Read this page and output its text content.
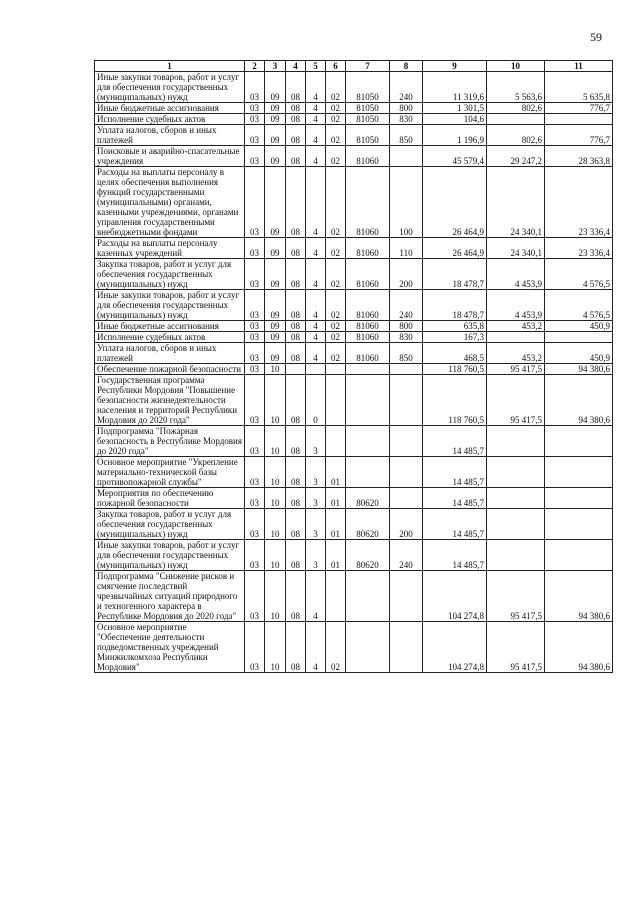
59
1	2	3	4	5	6	7	8	9	10	11
Иные закупки товаров, работ и услуг для обеспечения государственных (муниципальных) нужд	03	09	08	4	02	81050	240	11 319,6	5 563,6	5 635,8
Иные бюджетные ассигнования	03	09	08	4	02	81050	800	1 301,5	802,6	776,7
Исполнение судебных актов	03	09	08	4	02	81050	830	104,6		
Уплата налогов, сборов и иных платежей	03	09	08	4	02	81050	850	1 196,9	802,6	776,7
Поисковые и аварийно-спасательные учреждения	03	09	08	4	02	81060		45 579,4	29 247,2	28 363,8
Расходы на выплаты персоналу в целях обеспечения выполнения функций государственными (муниципальными) органами, казенными учреждениями, органами управления государственными внебюджетными фондами	03	09	08	4	02	81060	100	26 464,9	24 340,1	23 336,4
Расходы на выплаты персоналу казенных учреждений	03	09	08	4	02	81060	110	26 464,9	24 340,1	23 336,4
Закупка товаров, работ и услуг для обеспечения государственных (муниципальных) нужд	03	09	08	4	02	81060	200	18 478,7	4 453,9	4 576,5
Иные закупки товаров, работ и услуг для обеспечения государственных (муниципальных) нужд	03	09	08	4	02	81060	240	18 478,7	4 453,9	4 576,5
Иные бюджетные ассигнования	03	09	08	4	02	81060	800	635,8	453,2	450,9
Исполнение судебных актов	03	09	08	4	02	81060	830	167,3		
Уплата налогов, сборов и иных платежей	03	09	08	4	02	81060	850	468,5	453,2	450,9
Обеспечение пожарной безопасности	03	10						118 760,5	95 417,5	94 380,6
Государственная программа Республики Мордовия "Повышение безопасности жизнедеятельности населения и территорий Республики Мордовия до 2020 года"	03	10	08	0				118 760,5	95 417,5	94 380,6
Подпрограмма "Пожарная безопасность в Республике Мордовия до 2020 года"	03	10	08	3				14 485,7		
Основное мероприятие "Укрепление материально-технической базы противопожарной службы"	03	10	08	3	01			14 485,7		
Мероприятия по обеспечению пожарной безопасности	03	10	08	3	01	80620		14 485,7		
Закупка товаров, работ и услуг для обеспечения государственных (муниципальных) нужд	03	10	08	3	01	80620	200	14 485,7		
Иные закупки товаров, работ и услуг для обеспечения государственных (муниципальных) нужд	03	10	08	3	01	80620	240	14 485,7		
Подпрограмма "Снижение рисков и смягчение последствий чрезвычайных ситуаций природного и техногенного характера в Республике Мордовия до 2020 года"	03	10	08	4				104 274,8	95 417,5	94 380,6
Основное мероприятие "Обеспечение деятельности подведомственных учреждений Минжилкомхоза Республики Мордовия"	03	10	08	4	02			104 274,8	95 417,5	94 380,6
